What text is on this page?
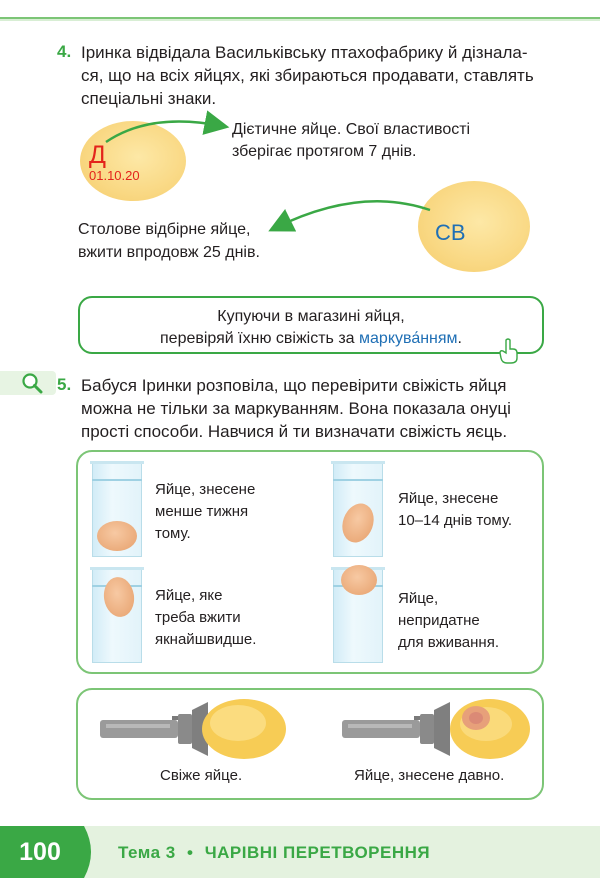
4. Іринка відвідала Васильківську птахофабрику й дізнала-
ся, що на всіх яйцях, які збираються продавати, ставлять
спеціальні знаки.
Д
01.10.20
Дієтичне яйце. Свої властивості
зберігає протягом 7 днів.
СВ
Столове відбірне яйце,
вжити впродовж 25 днів.
Купуючи в магазині яйця,
перевіряй їхню свіжість за маркува́нням.
5. Бабуся Іринки розповіла, що перевірити свіжість яйця
можна не тільки за маркуванням. Вона показала онуці
прості способи. Навчися й ти визначати свіжість яєць.
Яйце, знесене
менше тижня
тому.
Яйце, знесене
10–14 днів тому.
Яйце, яке
треба вжити
якнайшвидше.
Яйце,
непридатне
для вживання.
Свіже яйце.	Яйце, знесене давно.
100	Тема 3 • ЧАРІВНІ ПЕРЕТВОРЕННЯ
